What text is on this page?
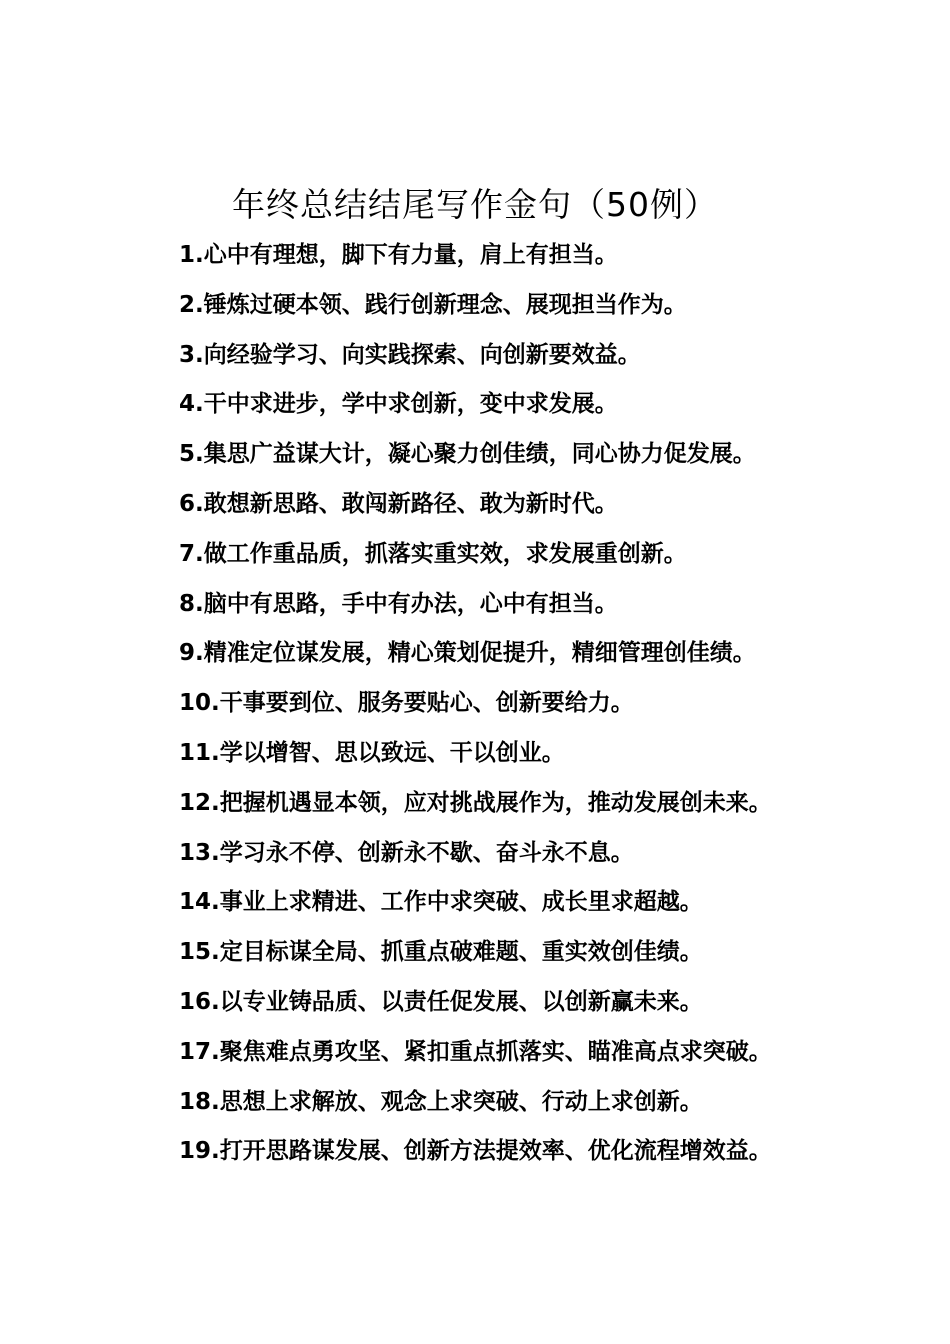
年终总结结尾写作金句（50例）
1.心中有理想，脚下有力量，肩上有担当。
2.锤炼过硬本领、践行创新理念、展现担当作为。
3.向经验学习、向实践探索、向创新要效益。
4.干中求进步，学中求创新，变中求发展。
5.集思广益谋大计，凝心聚力创佳绩，同心协力促发展。
6.敢想新思路、敢闯新路径、敢为新时代。
7.做工作重品质，抓落实重实效，求发展重创新。
8.脑中有思路，手中有办法，心中有担当。
9.精准定位谋发展，精心策划促提升，精细管理创佳绩。
10.干事要到位、服务要贴心、创新要给力。
11.学以增智、思以致远、干以创业。
12.把握机遇显本领，应对挑战展作为，推动发展创未来。
13.学习永不停、创新永不歇、奋斗永不息。
14.事业上求精进、工作中求突破、成长里求超越。
15.定目标谋全局、抓重点破难题、重实效创佳绩。
16.以专业铸品质、以责任促发展、以创新赢未来。
17.聚焦难点勇攻坚、紧扣重点抓落实、瞄准高点求突破。
18.思想上求解放、观念上求突破、行动上求创新。
19.打开思路谋发展、创新方法提效率、优化流程增效益。
